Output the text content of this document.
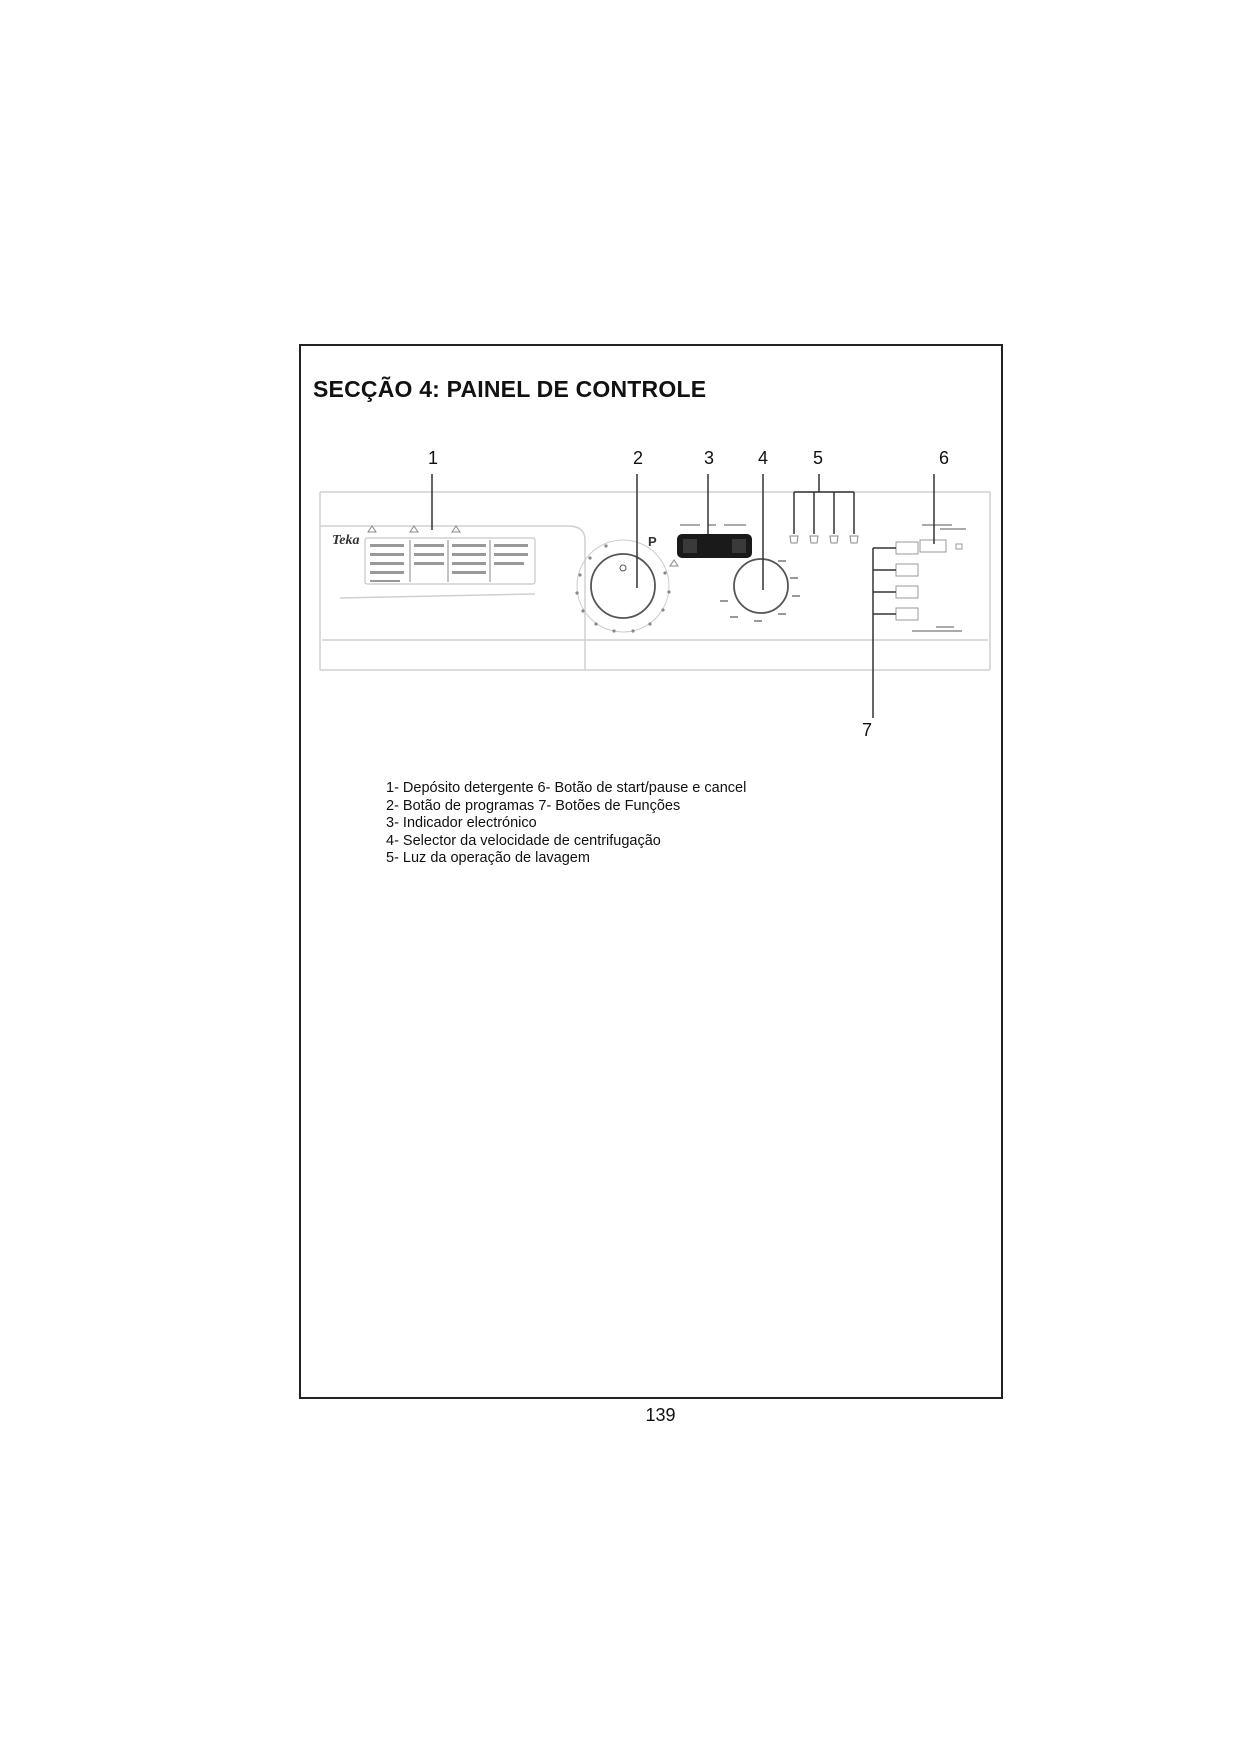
SECÇÃO 4: PAINEL DE CONTROLE
1	2	3 4 5	6
7
Teka	P
1- Depósito detergente 6- Botão de start/pause e cancel
2- Botão de programas 7- Botões de Funções
3- Indicador electrónico
4- Selector da velocidade de centrifugação
5- Luz da operação de lavagem
139
